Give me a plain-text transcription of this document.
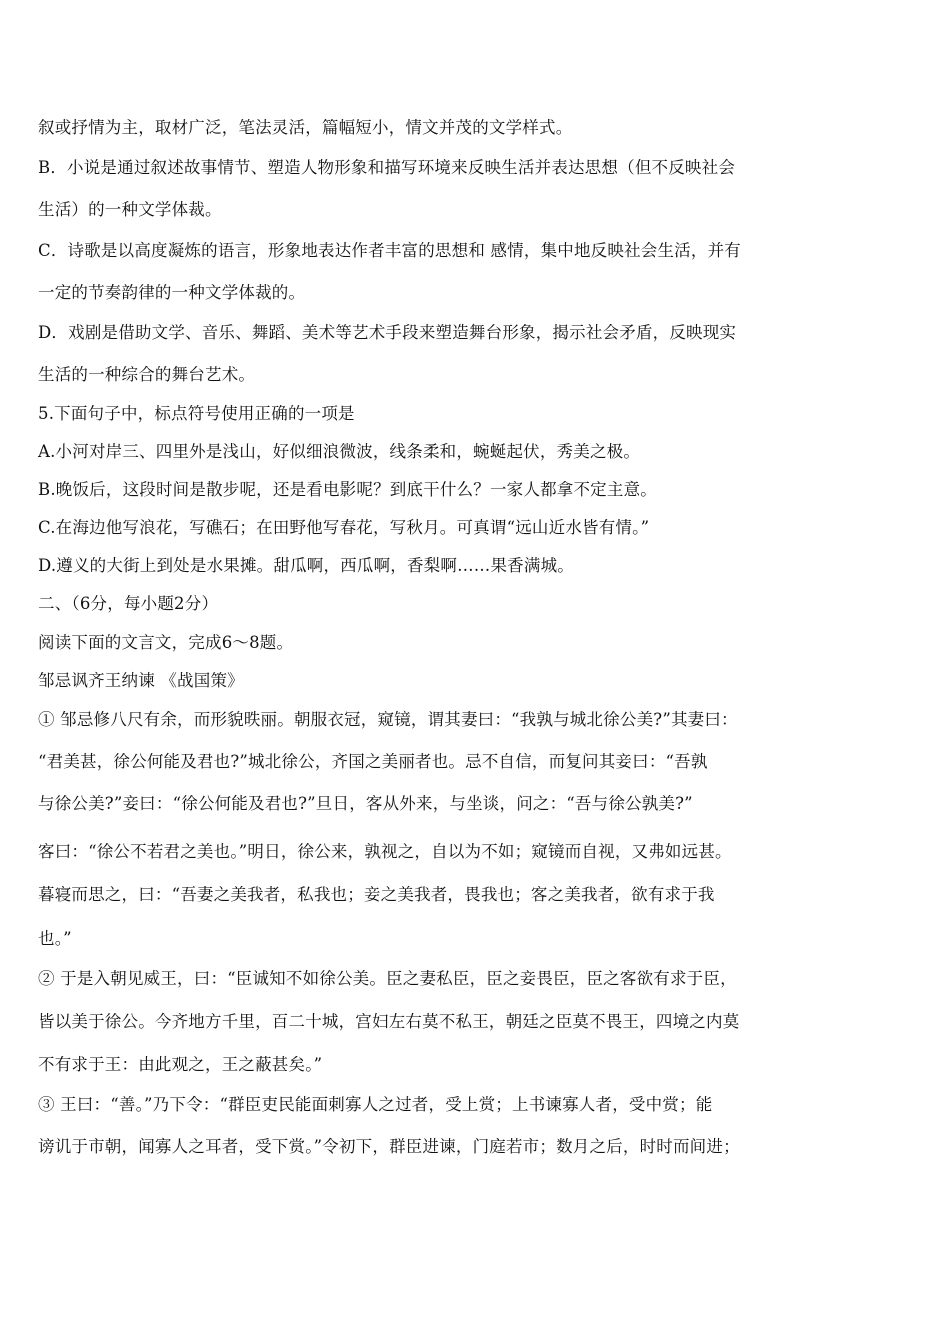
叙或抒情为主，取材广泛，笔法灵活，篇幅短小，情文并茂的文学样式。
B．小说是通过叙述故事情节、塑造人物形象和描写环境来反映生活并表达思想（但不反映社会
生活）的一种文学体裁。
C．诗歌是以高度凝炼的语言，形象地表达作者丰富的思想和 感情，集中地反映社会生活，并有
一定的节奏韵律的一种文学体裁的。
D．戏剧是借助文学、音乐、舞蹈、美术等艺术手段来塑造舞台形象，揭示社会矛盾，反映现实
生活的一种综合的舞台艺术。
5.下面句子中，标点符号使用正确的一项是
A.小河对岸三、四里外是浅山，好似细浪微波，线条柔和，蜿蜒起伏，秀美之极。
B.晚饭后，这段时间是散步呢，还是看电影呢？到底干什么？一家人都拿不定主意。
C.在海边他写浪花，写礁石；在田野他写春花，写秋月。可真谓“远山近水皆有情。”
D.遵义的大街上到处是水果摊。甜瓜啊，西瓜啊，香梨啊……果香满城。
二、（6分，每小题2分）
阅读下面的文言文，完成6～8题。
邹忌讽齐王纳谏 《战国策》
① 邹忌修八尺有余，而形貌昳丽。朝服衣冠，窥镜，谓其妻曰：“我孰与城北徐公美?”其妻曰：
“君美甚，徐公何能及君也?”城北徐公，齐国之美丽者也。忌不自信，而复问其妾曰：“吾孰
与徐公美?”妾曰：“徐公何能及君也?”旦日，客从外来，与坐谈，问之：“吾与徐公孰美?”
客曰：“徐公不若君之美也。”明日，徐公来，孰视之，自以为不如；窥镜而自视，又弗如远甚。
暮寝而思之，曰：“吾妻之美我者，私我也；妾之美我者，畏我也；客之美我者，欲有求于我
也。”
② 于是入朝见威王，曰：“臣诚知不如徐公美。臣之妻私臣，臣之妾畏臣，臣之客欲有求于臣，
皆以美于徐公。今齐地方千里，百二十城，宫妇左右莫不私王，朝廷之臣莫不畏王，四境之内莫
不有求于王：由此观之，王之蔽甚矣。”
③ 王曰：“善。”乃下令：“群臣吏民能面刺寡人之过者，受上赏；上书谏寡人者，受中赏；能
谤讥于市朝，闻寡人之耳者，受下赏。”令初下，群臣进谏，门庭若市；数月之后，时时而间进；
